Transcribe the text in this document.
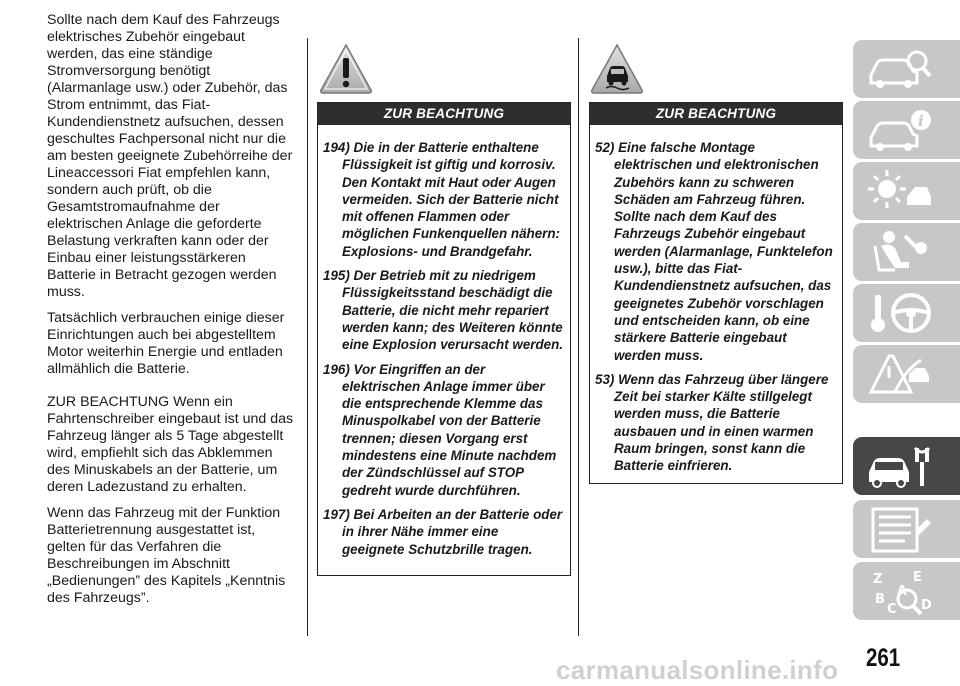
Sollte nach dem Kauf des Fahrzeugs elektrisches Zubehör eingebaut werden, das eine ständige Stromversorgung benötigt (Alarmanlage usw.) oder Zubehör, das Strom entnimmt, das Fiat-Kundendienstnetz aufsuchen, dessen geschultes Fachpersonal nicht nur die am besten geeignete Zubehörreihe der Lineaccessori Fiat empfehlen kann, sondern auch prüft, ob die Gesamtstromaufnahme der elektrischen Anlage die geforderte Belastung verkraften kann oder der Einbau einer leistungsstärkeren Batterie in Betracht gezogen werden muss.

Tatsächlich verbrauchen einige dieser Einrichtungen auch bei abgestelltem Motor weiterhin Energie und entladen allmählich die Batterie.

ZUR BEACHTUNG Wenn ein Fahrtenschreiber eingebaut ist und das Fahrzeug länger als 5 Tage abgestellt wird, empfiehlt sich das Abklemmen des Minuskabels an der Batterie, um deren Ladezustand zu erhalten.

Wenn das Fahrzeug mit der Funktion Batterietrennung ausgestattet ist, gelten für das Verfahren die Beschreibungen im Abschnitt „Bedienungen” des Kapitels „Kenntnis des Fahrzeugs”.

ZUR BEACHTUNG

194) Die in der Batterie enthaltene Flüssigkeit ist giftig und korrosiv. Den Kontakt mit Haut oder Augen vermeiden. Sich der Batterie nicht mit offenen Flammen oder möglichen Funkenquellen nähern: Explosions- und Brandgefahr.

195) Der Betrieb mit zu niedrigem Flüssigkeitsstand beschädigt die Batterie, die nicht mehr repariert werden kann; des Weiteren könnte eine Explosion verursacht werden.

196) Vor Eingriffen an der elektrischen Anlage immer über die entsprechende Klemme das Minuspolkabel von der Batterie trennen; diesen Vorgang erst mindestens eine Minute nachdem der Zündschlüssel auf STOP gedreht wurde durchführen.

197) Bei Arbeiten an der Batterie oder in ihrer Nähe immer eine geeignete Schutzbrille tragen.

ZUR BEACHTUNG

52) Eine falsche Montage elektrischen und elektronischen Zubehörs kann zu schweren Schäden am Fahrzeug führen. Sollte nach dem Kauf des Fahrzeugs Zubehör eingebaut werden (Alarmanlage, Funktelefon usw.), bitte das Fiat-Kundendienstnetz aufsuchen, das geeignetes Zubehör vorschlagen und entscheiden kann, ob eine stärkere Batterie eingebaut werden muss.

53) Wenn das Fahrzeug über längere Zeit bei starker Kälte stillgelegt werden muss, die Batterie ausbauen und in einen warmen Raum bringen, sonst kann die Batterie einfrieren.

i
Z E
B
A
C D
261
carmanualsonline.info
